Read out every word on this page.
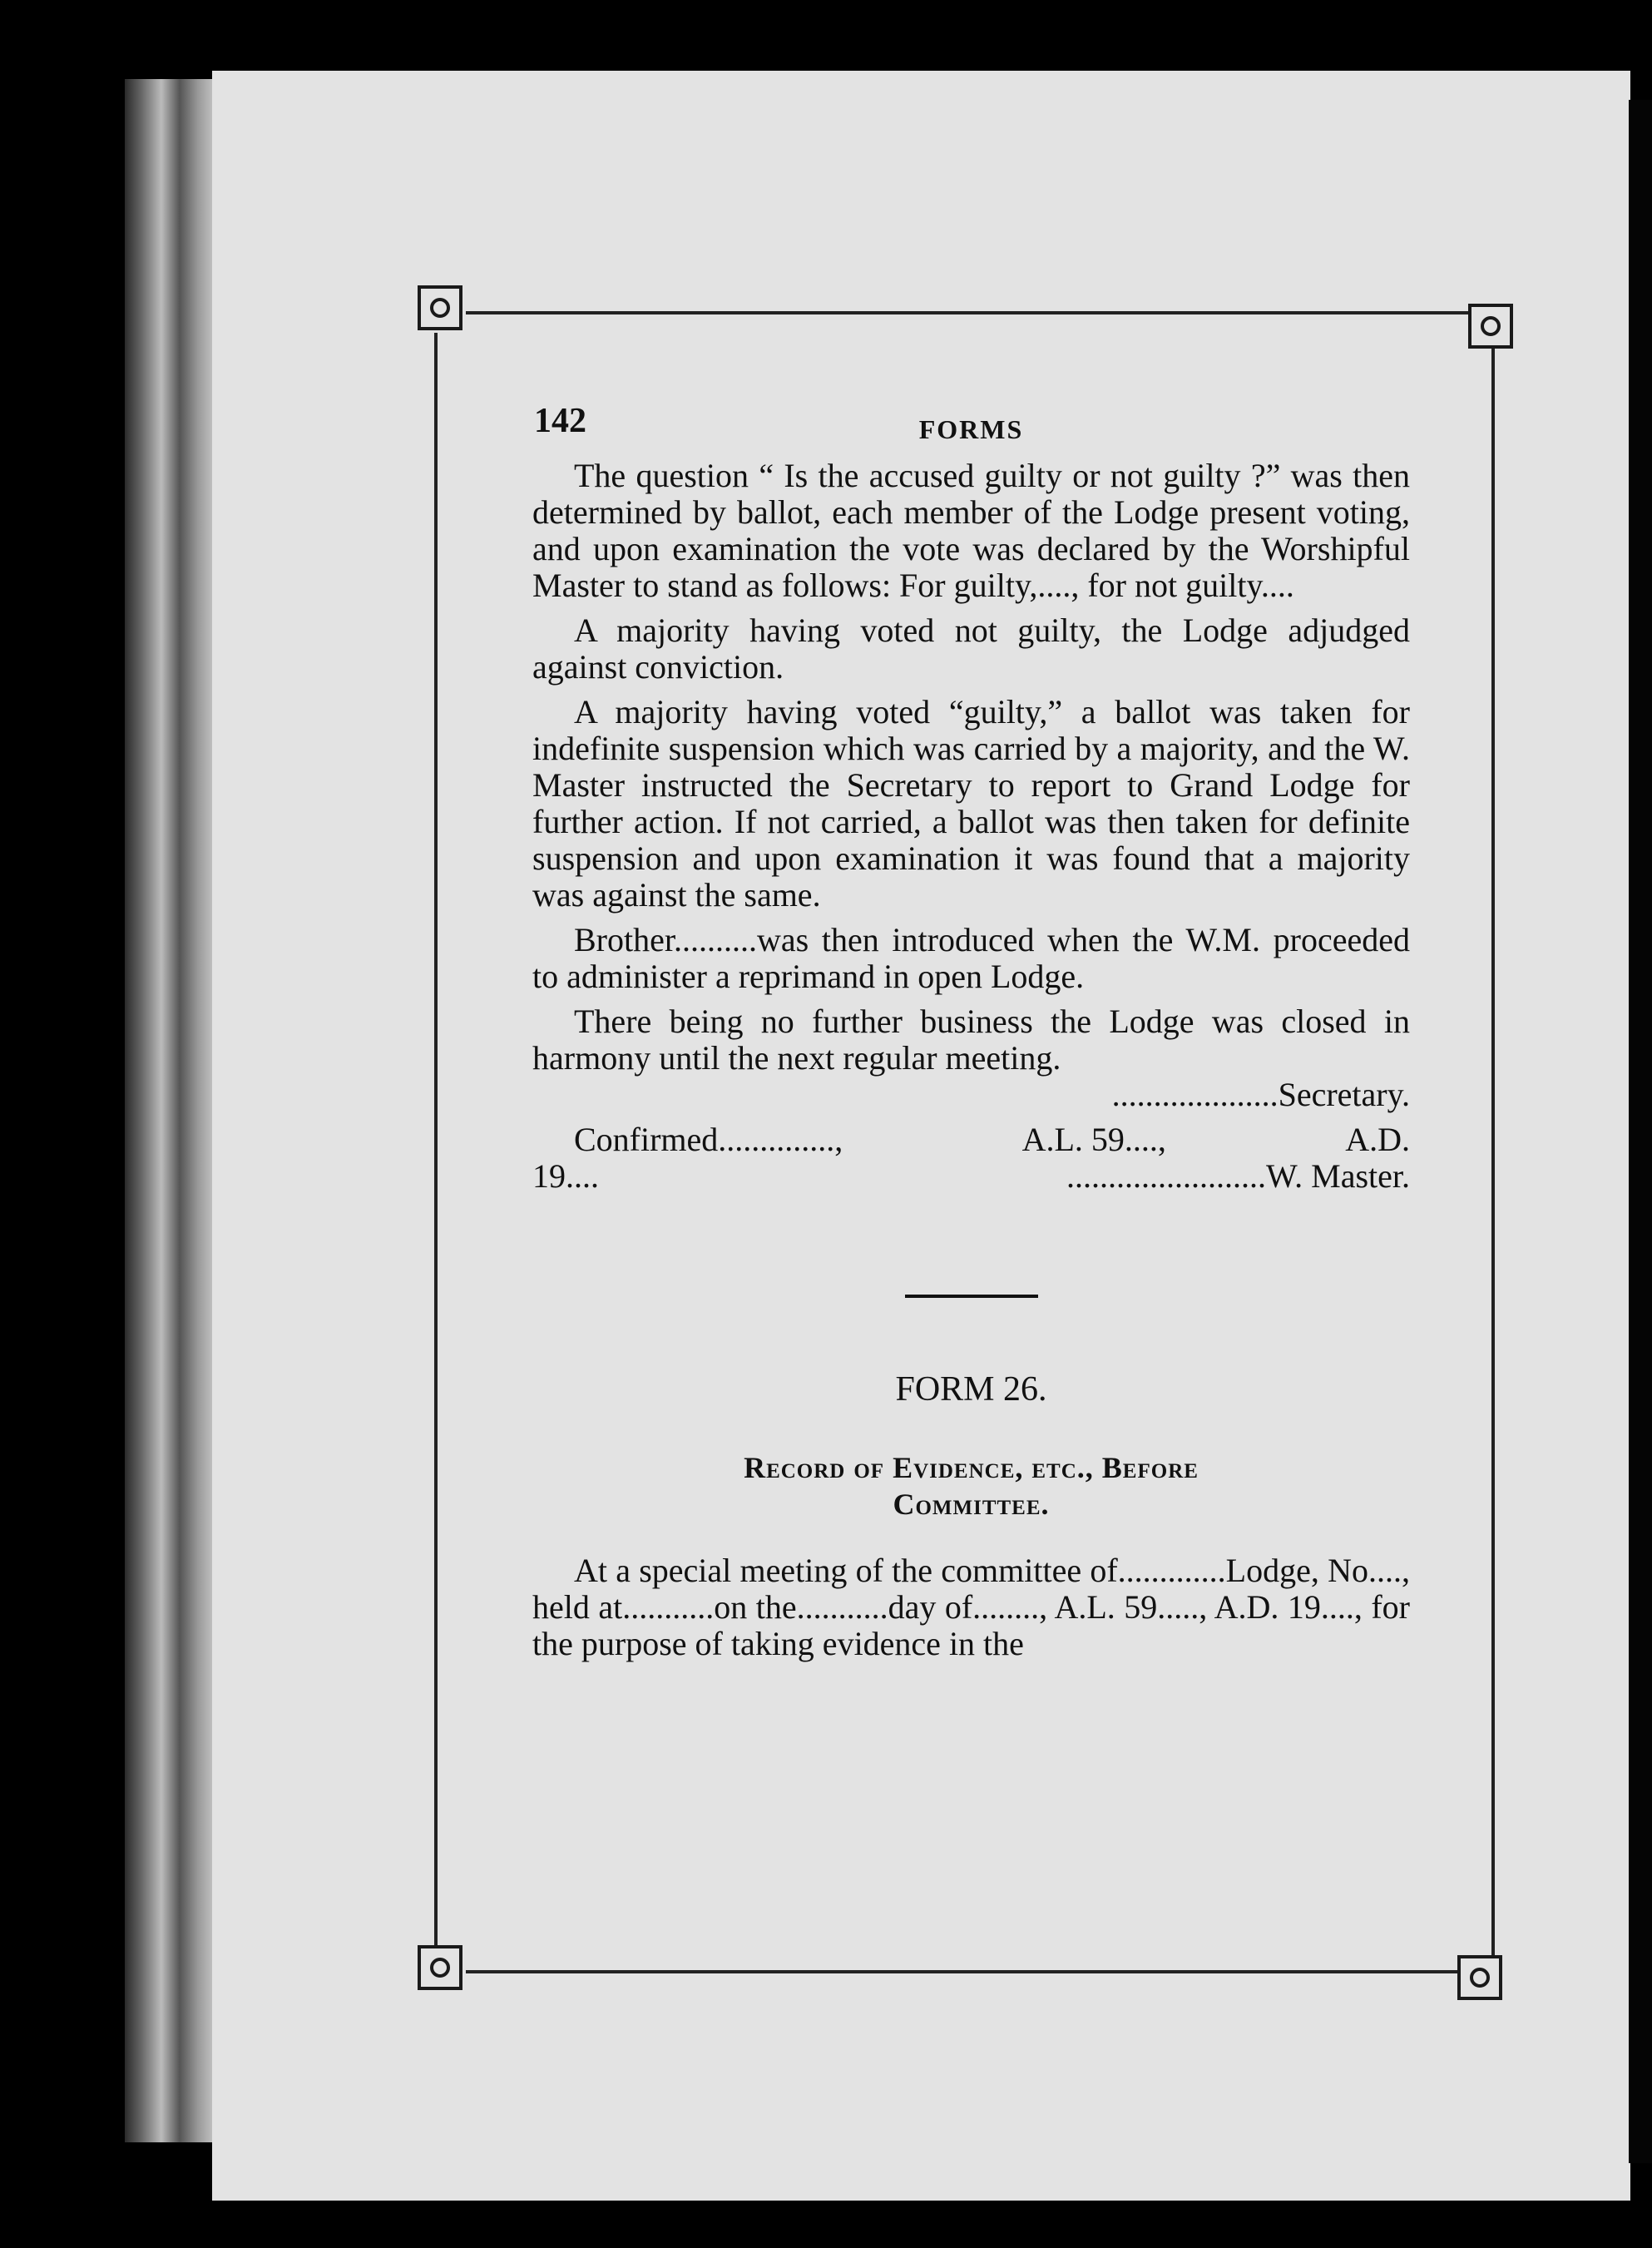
142	FORMS

The question “ Is the accused guilty or not guilty ?” was then determined by ballot, each member of the Lodge present voting, and upon examination the vote was declared by the Worshipful Master to stand as follows: For guilty,...., for not guilty....

A majority having voted not guilty, the Lodge adjudged against conviction.

A majority having voted “guilty,” a ballot was taken for indefinite suspension which was carried by a majority, and the W. Master instructed the Secretary to report to Grand Lodge for further action. If not carried, a ballot was then taken for definite suspension and upon examination it was found that a majority was against the same.

Brother..........was then introduced when the W.M. proceeded to administer a reprimand in open Lodge.

There being no further business the Lodge was closed in harmony until the next regular meeting.

....................Secretary.
Confirmed..............,	A.L. 59....,	A.D.
19....	........................W. Master.
FORM 26.
Record of Evidence, etc., Before
Committee.

At a special meeting of the committee of.............Lodge, No...., held at...........on the...........day of........, A.L. 59....., A.D. 19...., for the purpose of taking evidence in the
